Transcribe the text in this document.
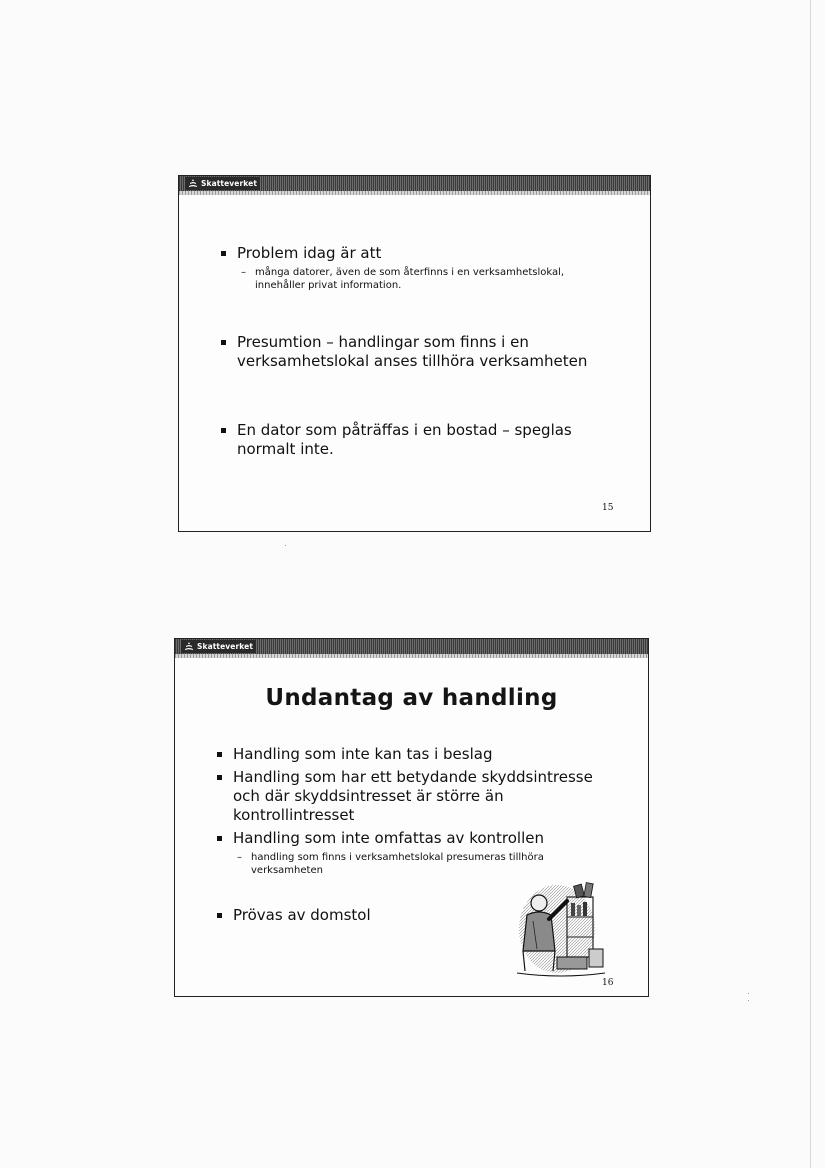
Skatteverket
Problem idag är att
– många datorer, även de som återfinns i en verksamhetslokal,
innehåller privat information.
Presumtion – handlingar som finns i en
verksamhetslokal anses tillhöra verksamheten
En dator som påträffas i en bostad – speglas
normalt inte.
15
Skatteverket
Undantag av handling
Handling som inte kan tas i beslag
Handling som har ett betydande skyddsintresse
och där skyddsintresset är större än
kontrollintresset
Handling som inte omfattas av kontrollen
– handling som finns i verksamhetslokal presumeras tillhöra
verksamheten
Prövas av domstol
16
